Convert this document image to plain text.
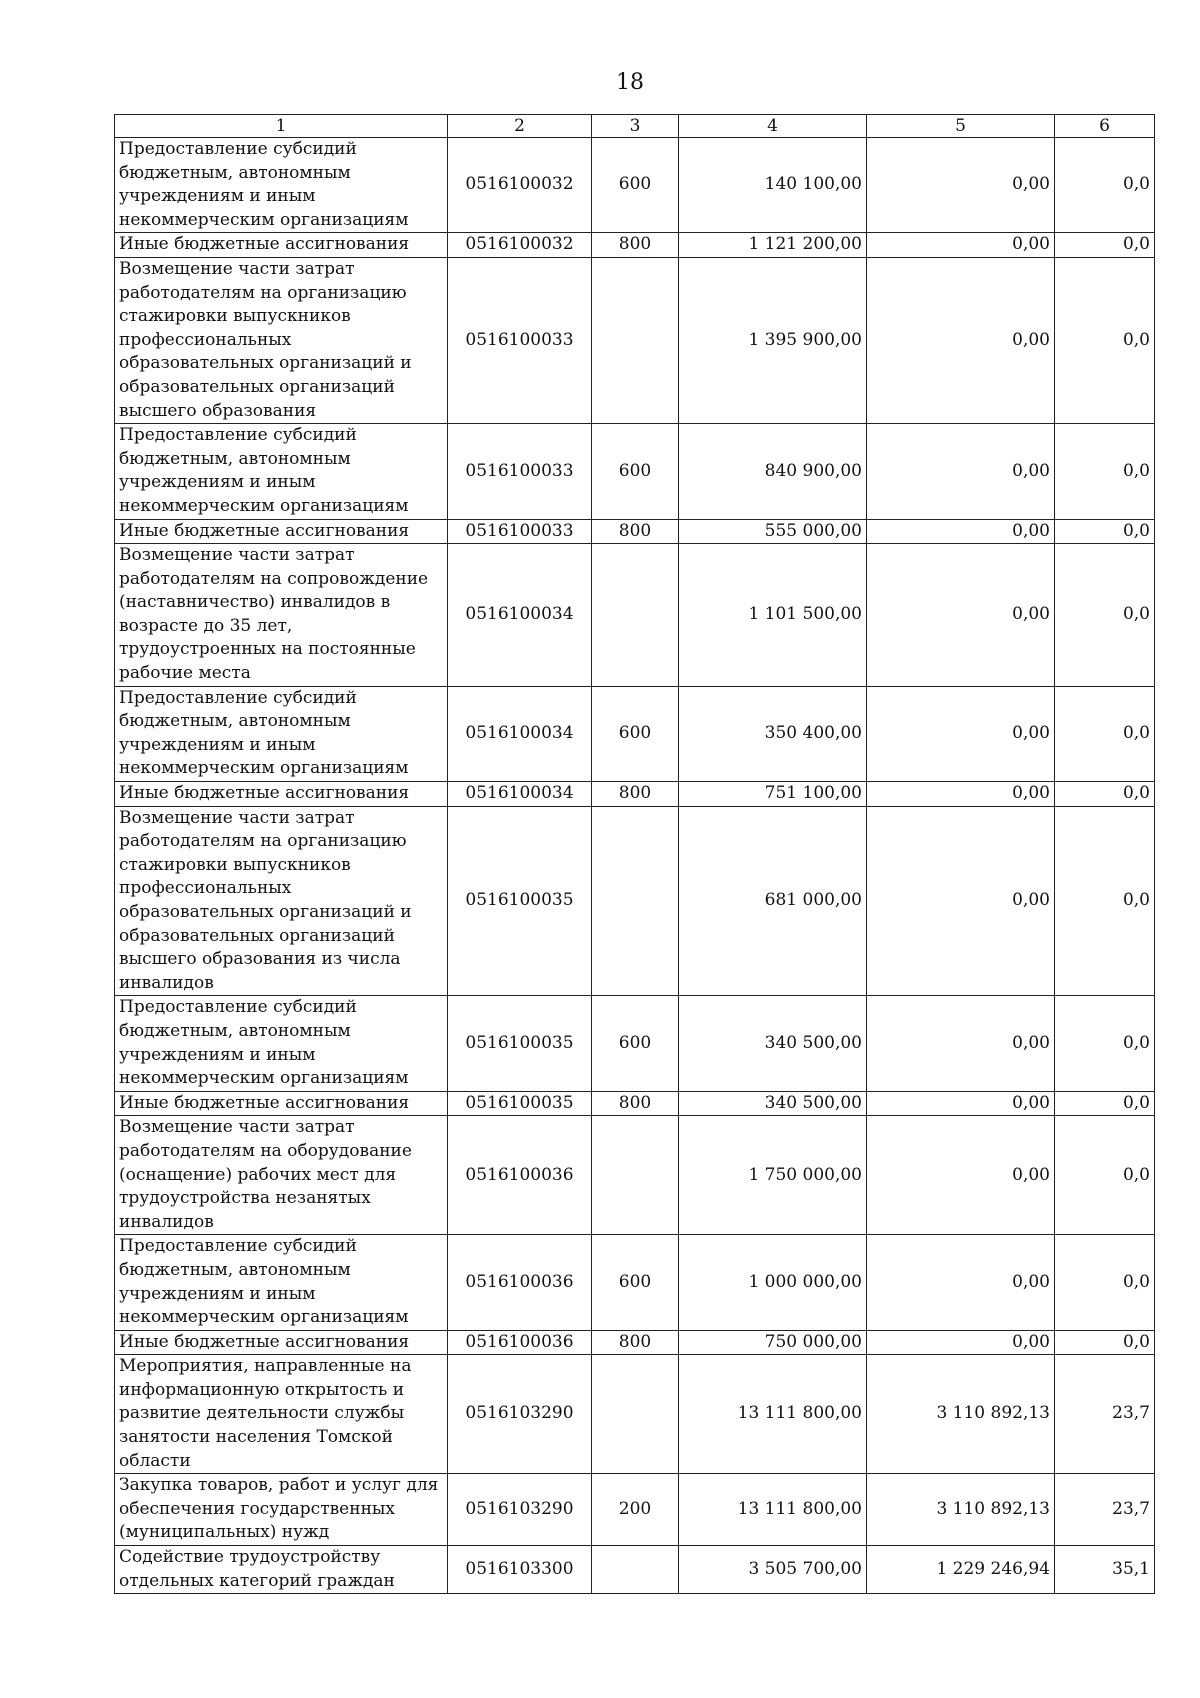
18
1	2	3	4	5	6
Предоставление субсидий бюджетным, автономным учреждениям и иным некоммерческим организациям	0516100032	600	140 100,00	0,00	0,0
Иные бюджетные ассигнования	0516100032	800	1 121 200,00	0,00	0,0
Возмещение части затрат работодателям на организацию стажировки выпускников профессиональных образовательных организаций и образовательных организаций высшего образования	0516100033		1 395 900,00	0,00	0,0
Предоставление субсидий бюджетным, автономным учреждениям и иным некоммерческим организациям	0516100033	600	840 900,00	0,00	0,0
Иные бюджетные ассигнования	0516100033	800	555 000,00	0,00	0,0
Возмещение части затрат работодателям на сопровождение (наставничество) инвалидов в возрасте до 35 лет, трудоустроенных на постоянные рабочие места	0516100034		1 101 500,00	0,00	0,0
Предоставление субсидий бюджетным, автономным учреждениям и иным некоммерческим организациям	0516100034	600	350 400,00	0,00	0,0
Иные бюджетные ассигнования	0516100034	800	751 100,00	0,00	0,0
Возмещение части затрат работодателям на организацию стажировки выпускников профессиональных образовательных организаций и образовательных организаций высшего образования из числа инвалидов	0516100035		681 000,00	0,00	0,0
Предоставление субсидий бюджетным, автономным учреждениям и иным некоммерческим организациям	0516100035	600	340 500,00	0,00	0,0
Иные бюджетные ассигнования	0516100035	800	340 500,00	0,00	0,0
Возмещение части затрат работодателям на оборудование (оснащение) рабочих мест для трудоустройства незанятых инвалидов	0516100036		1 750 000,00	0,00	0,0
Предоставление субсидий бюджетным, автономным учреждениям и иным некоммерческим организациям	0516100036	600	1 000 000,00	0,00	0,0
Иные бюджетные ассигнования	0516100036	800	750 000,00	0,00	0,0
Мероприятия, направленные на информационную открытость и развитие деятельности службы занятости населения Томской области	0516103290		13 111 800,00	3 110 892,13	23,7
Закупка товаров, работ и услуг для обеспечения государственных (муниципальных) нужд	0516103290	200	13 111 800,00	3 110 892,13	23,7
Содействие трудоустройству отдельных категорий граждан	0516103300		3 505 700,00	1 229 246,94	35,1
